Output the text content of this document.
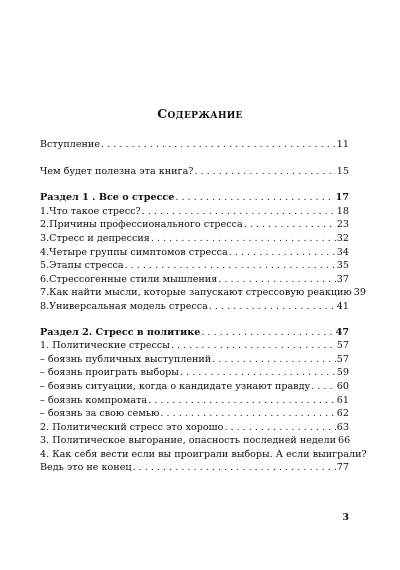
Содержание
Вступление . . .	11
Чем будет полезна эта книга? . . .	15
Раздел 1 . Все о стрессе . . .	17
1.Что такое стресс? . . .	18
2.Причины профессионального стресса . . .	23
3.Стресс и депрессия . . .	32
4.Четыре группы симптомов стресса . . .	34
5.Этапы стресса . . .	35
6.Стрессогенные стили мышления . . .	37
7.Как найти мысли, которые запускают стрессовую реакцию 39
8.Универсальная модель стресса . . .	41
Раздел 2. Стресс в политике . . .	47
1. Политические стрессы . . .	57
– боязнь публичных выступлений . . .	57
– боязнь проиграть выборы . . .	59
– боязнь ситуации, когда о кандидате узнают правду . . .	60
– боязнь компромата . . .	61
– боязнь за свою семью . . .	62
2. Политический стресс это хорошо . . .	63
3. Политическое выгорание, опасность последней недели 66
4. Как себя вести если вы проиграли выборы. А если выиграли?
Ведь это не конец . . .	77
3
